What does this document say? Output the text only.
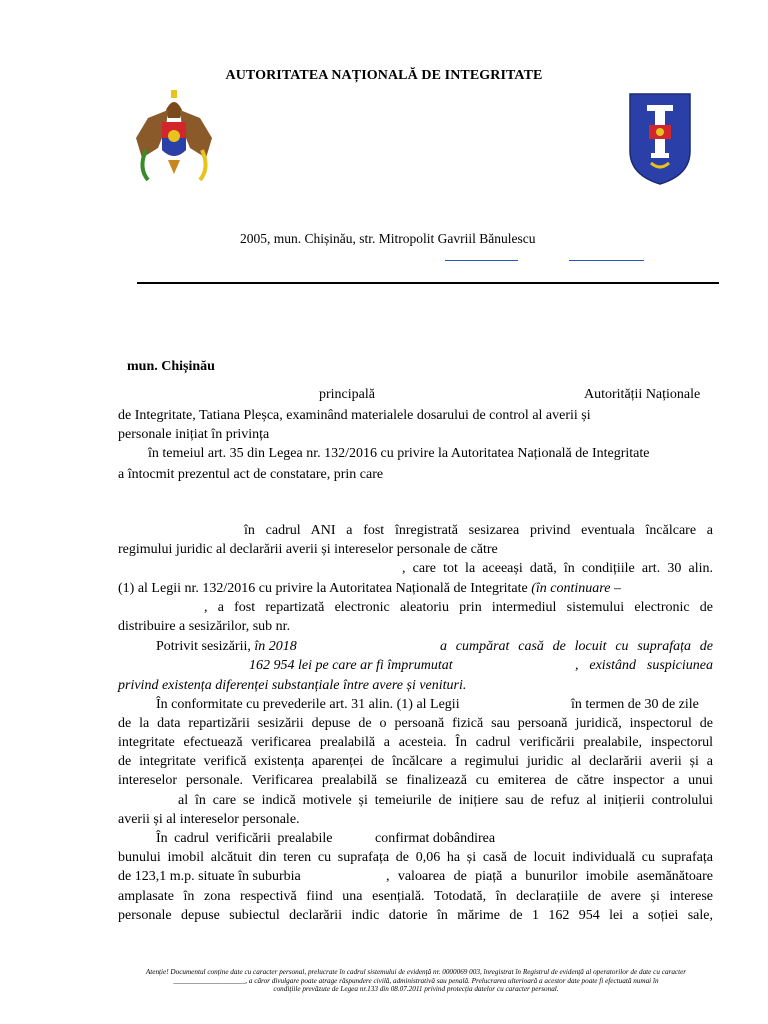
AUTORITATEA NAȚIONALĂ DE INTEGRITATE
2005, mun. Chișinău, str. Mitropolit Gavriil Bănulescu
mun. Chișinău
principală	Autorității Naționale
de Integritate, Tatiana Pleșca, examinând materialele dosarului de control al averii și
personale inițiat în privința
în temeiul art. 35 din Legea nr. 132/2016 cu privire la Autoritatea Națională de Integritate
a întocmit prezentul act de constatare, prin care
în cadrul ANI a fost înregistrată sesizarea privind eventuala încălcare a
regimului juridic al declarării averii și intereselor personale de către
, care tot la aceeași dată, în condițiile art. 30 alin.
(1) al Legii nr. 132/2016 cu privire la Autoritatea Națională de Integritate (în continuare –
, a fost repartizată electronic aleatoriu prin intermediul sistemului electronic de
distribuire a sesizărilor, sub nr.
Potrivit sesizării, în 2018	a cumpărat casă de locuit cu suprafața de
162 954 lei pe care ar fi împrumutat	, existând suspiciunea
privind existența diferenței substanțiale între avere și venituri.
În conformitate cu prevederile art. 31 alin. (1) al Legii	în termen de 30 de zile
de la data repartizării sesizării depuse de o persoană fizică sau persoană juridică, inspectorul de
integritate efectuează verificarea prealabilă a acesteia. În cadrul verificării prealabile, inspectorul
de integritate verifică existența aparenței de încălcare a regimului juridic al declarării averii și a
intereselor personale. Verificarea prealabilă se finalizează cu emiterea de către inspector a unui
al în care se indică motivele și temeiurile de inițiere sau de refuz al inițierii controlului
averii și al intereselor personale.
În cadrul verificării prealabile	confirmat dobândirea
bunului imobil alcătuit din teren cu suprafața de 0,06 ha și casă de locuit individuală cu suprafața
de 123,1 m.p. situate în suburbia	, valoarea de piață a bunurilor imobile asemănătoare
amplasate în zona respectivă fiind una esențială. Totodată, în declarațiile de avere și interese
personale depuse subiectul declarării indic datorie în mărime de 1 162 954 lei a soției sale,
Atenție! Documentul conține date cu caracter personal, prelucrate în cadrul sistemului de evidență nr. 0000069 003, înregistrat în Registrul de evidență al operatorilor de date cu caracter
____________________, a căror divulgare poate atrage răspundere civilă, administrativă sau penală. Prelucrarea ulterioară a acestor date poate fi efectuată numai în
condițiile prevăzute de Legea nr.133 din 08.07.2011 privind protecția datelor cu caracter personal.
